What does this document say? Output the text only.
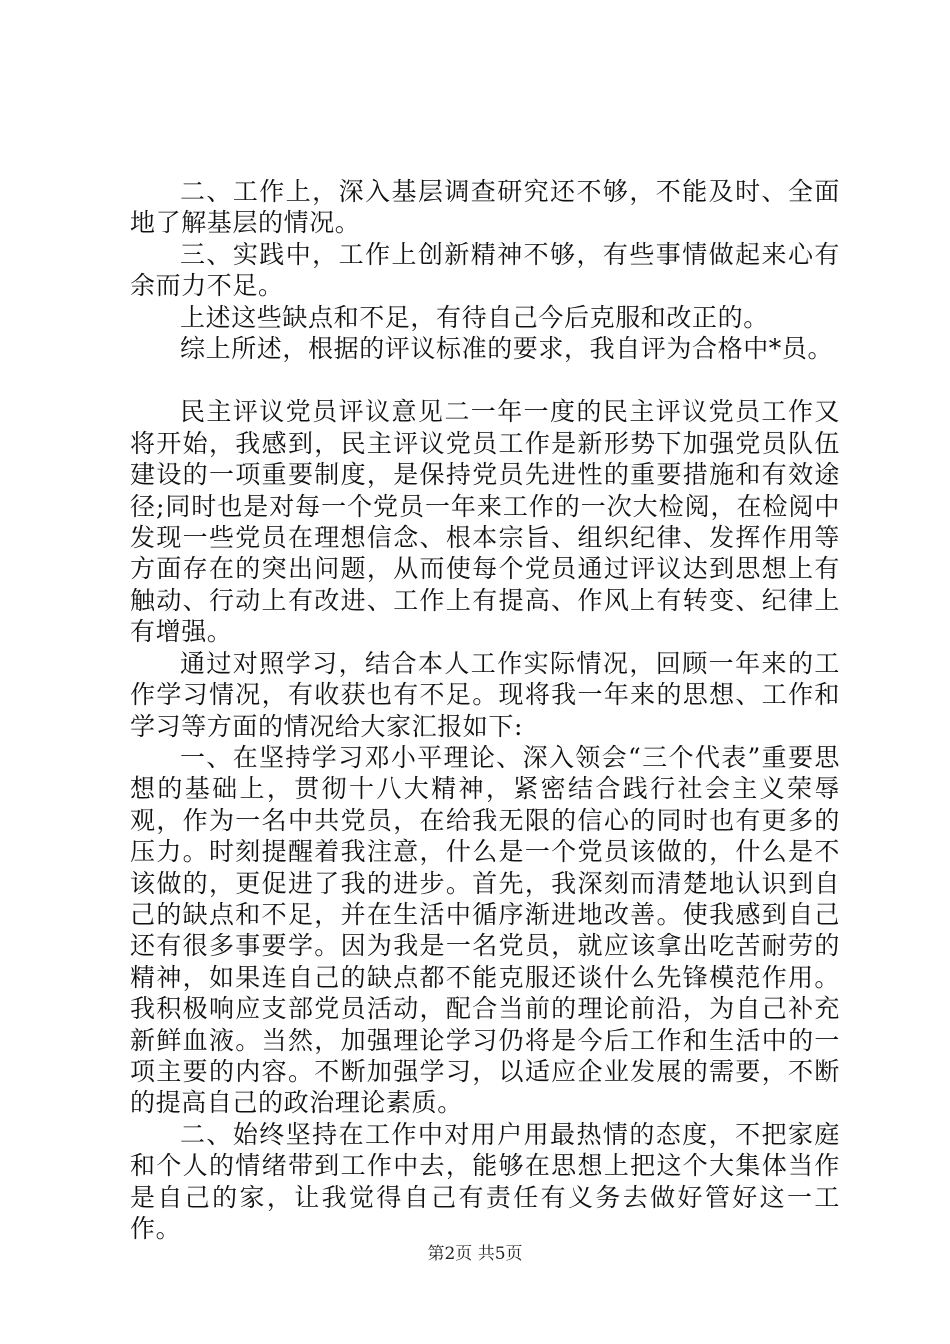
二、工作上，深入基层调查研究还不够，不能及时、全面地了解基层的情况。

三、实践中，工作上创新精神不够，有些事情做起来心有余而力不足。

上述这些缺点和不足，有待自己今后克服和改正的。

综上所述，根据的评议标准的要求，我自评为合格中*员。

民主评议党员评议意见二一年一度的民主评议党员工作又将开始，我感到，民主评议党员工作是新形势下加强党员队伍建设的一项重要制度，是保持党员先进性的重要措施和有效途径;同时也是对每一个党员一年来工作的一次大检阅，在检阅中发现一些党员在理想信念、根本宗旨、组织纪律、发挥作用等方面存在的突出问题，从而使每个党员通过评议达到思想上有触动、行动上有改进、工作上有提高、作风上有转变、纪律上有增强。

通过对照学习，结合本人工作实际情况，回顾一年来的工作学习情况，有收获也有不足。现将我一年来的思想、工作和学习等方面的情况给大家汇报如下:

一、在坚持学习邓小平理论、深入领会“三个代表”重要思想的基础上，贯彻十八大精神，紧密结合践行社会主义荣辱观，作为一名中共党员，在给我无限的信心的同时也有更多的压力。时刻提醒着我注意，什么是一个党员该做的，什么是不该做的，更促进了我的进步。首先，我深刻而清楚地认识到自己的缺点和不足，并在生活中循序渐进地改善。使我感到自己还有很多事要学。因为我是一名党员，就应该拿出吃苦耐劳的精神，如果连自己的缺点都不能克服还谈什么先锋模范作用。我积极响应支部党员活动，配合当前的理论前沿，为自己补充新鲜血液。当然，加强理论学习仍将是今后工作和生活中的一项主要的内容。不断加强学习，以适应企业发展的需要，不断的提高自己的政治理论素质。

二、始终坚持在工作中对用户用最热情的态度，不把家庭和个人的情绪带到工作中去，能够在思想上把这个大集体当作是自己的家，让我觉得自己有责任有义务去做好管好这一工作。

第2页 共5页
